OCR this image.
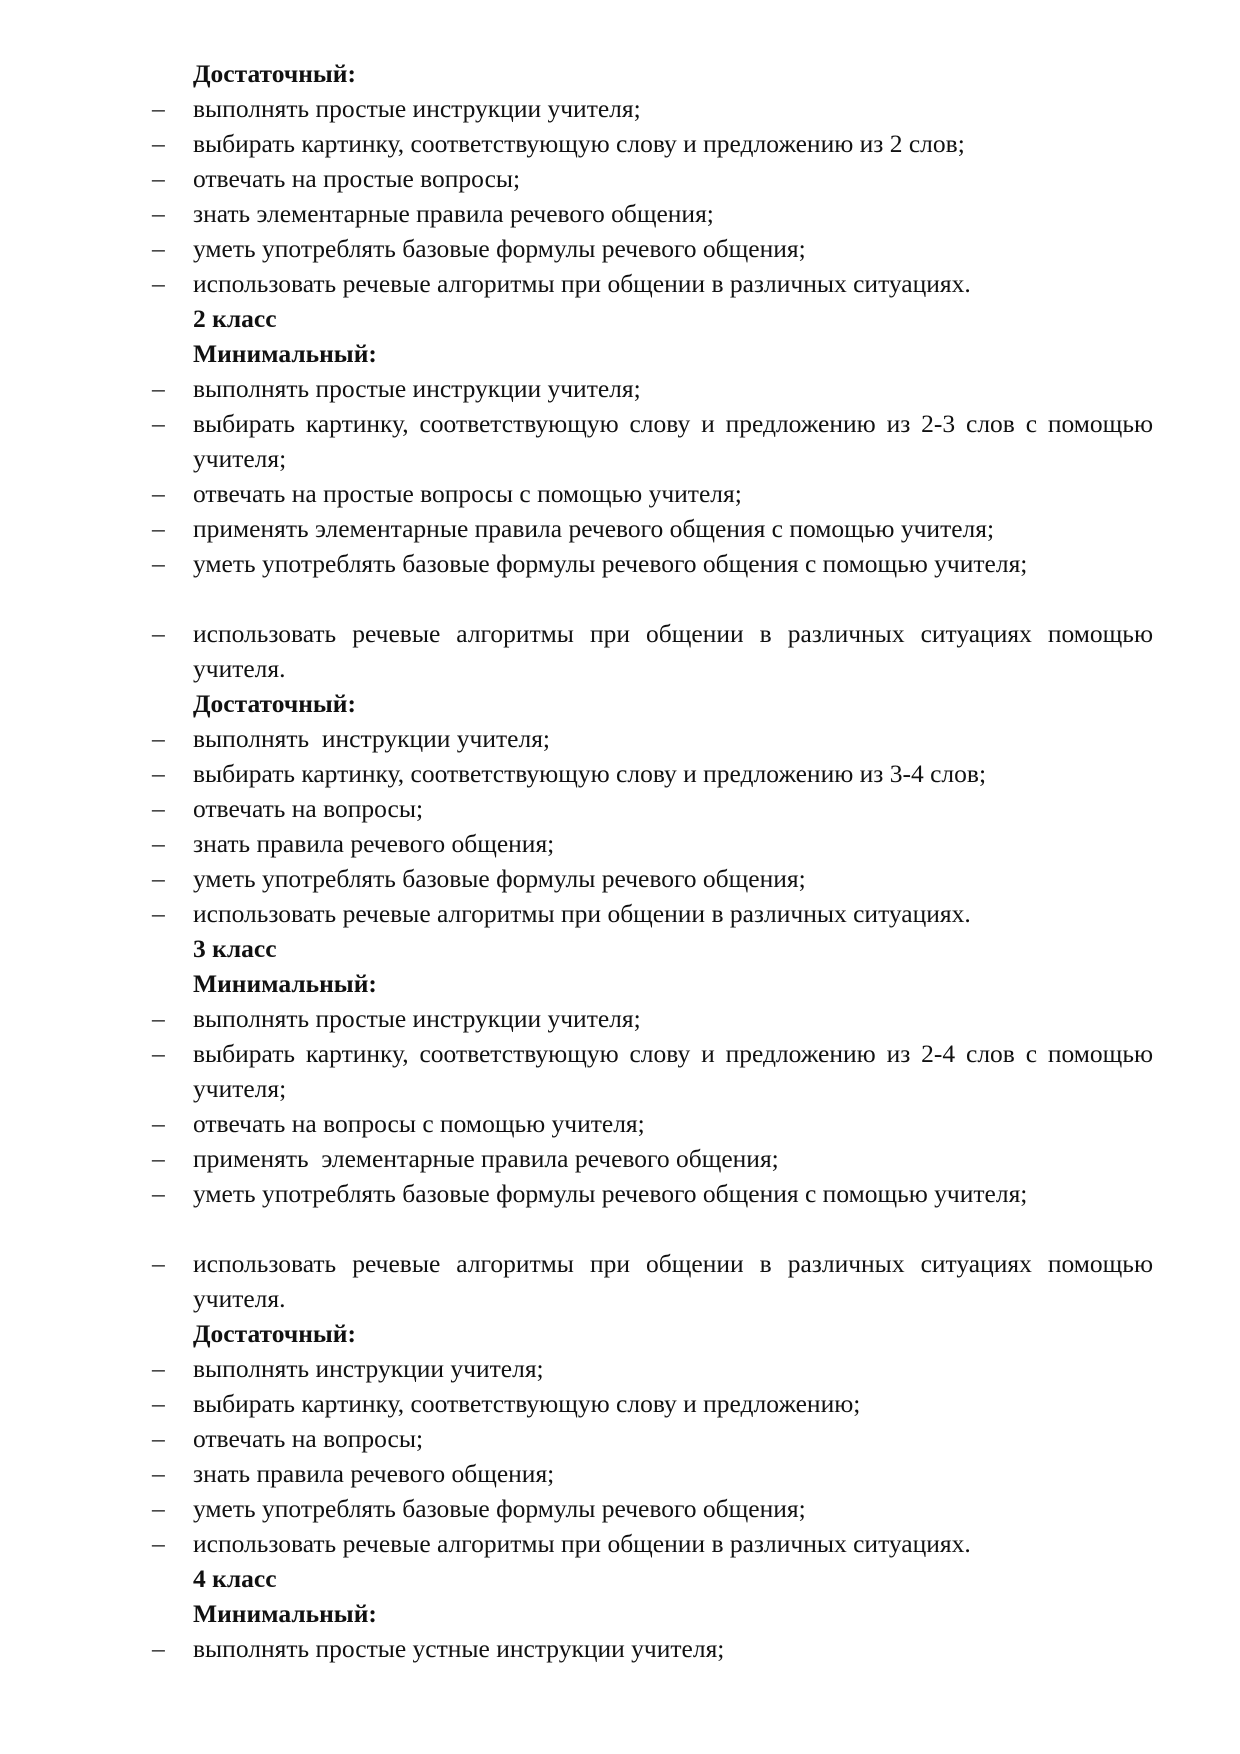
Достаточный:
– выполнять простые инструкции учителя;
– выбирать картинку, соответствующую слову и предложению из 2 слов;
– отвечать на простые вопросы;
– знать элементарные правила речевого общения;
– уметь употреблять базовые формулы речевого общения;
– использовать речевые алгоритмы при общении в различных ситуациях.
2 класс
Минимальный:
– выполнять простые инструкции учителя;
– выбирать картинку, соответствующую слову и предложению из 2-3 слов с помощью учителя;
– отвечать на простые вопросы с помощью учителя;
– применять элементарные правила речевого общения с помощью учителя;
– уметь употреблять базовые формулы речевого общения с помощью учителя;
– использовать речевые алгоритмы при общении в различных ситуациях помощью учителя.
Достаточный:
– выполнять  инструкции учителя;
– выбирать картинку, соответствующую слову и предложению из 3-4 слов;
– отвечать на вопросы;
– знать правила речевого общения;
– уметь употреблять базовые формулы речевого общения;
– использовать речевые алгоритмы при общении в различных ситуациях.
3 класс
Минимальный:
– выполнять простые инструкции учителя;
– выбирать картинку, соответствующую слову и предложению из 2-4 слов с помощью учителя;
– отвечать на вопросы с помощью учителя;
– применять  элементарные правила речевого общения;
– уметь употреблять базовые формулы речевого общения с помощью учителя;
– использовать речевые алгоритмы при общении в различных ситуациях помощью учителя.
Достаточный:
– выполнять инструкции учителя;
– выбирать картинку, соответствующую слову и предложению;
– отвечать на вопросы;
– знать правила речевого общения;
– уметь употреблять базовые формулы речевого общения;
– использовать речевые алгоритмы при общении в различных ситуациях.
4 класс
Минимальный:
– выполнять простые устные инструкции учителя;
